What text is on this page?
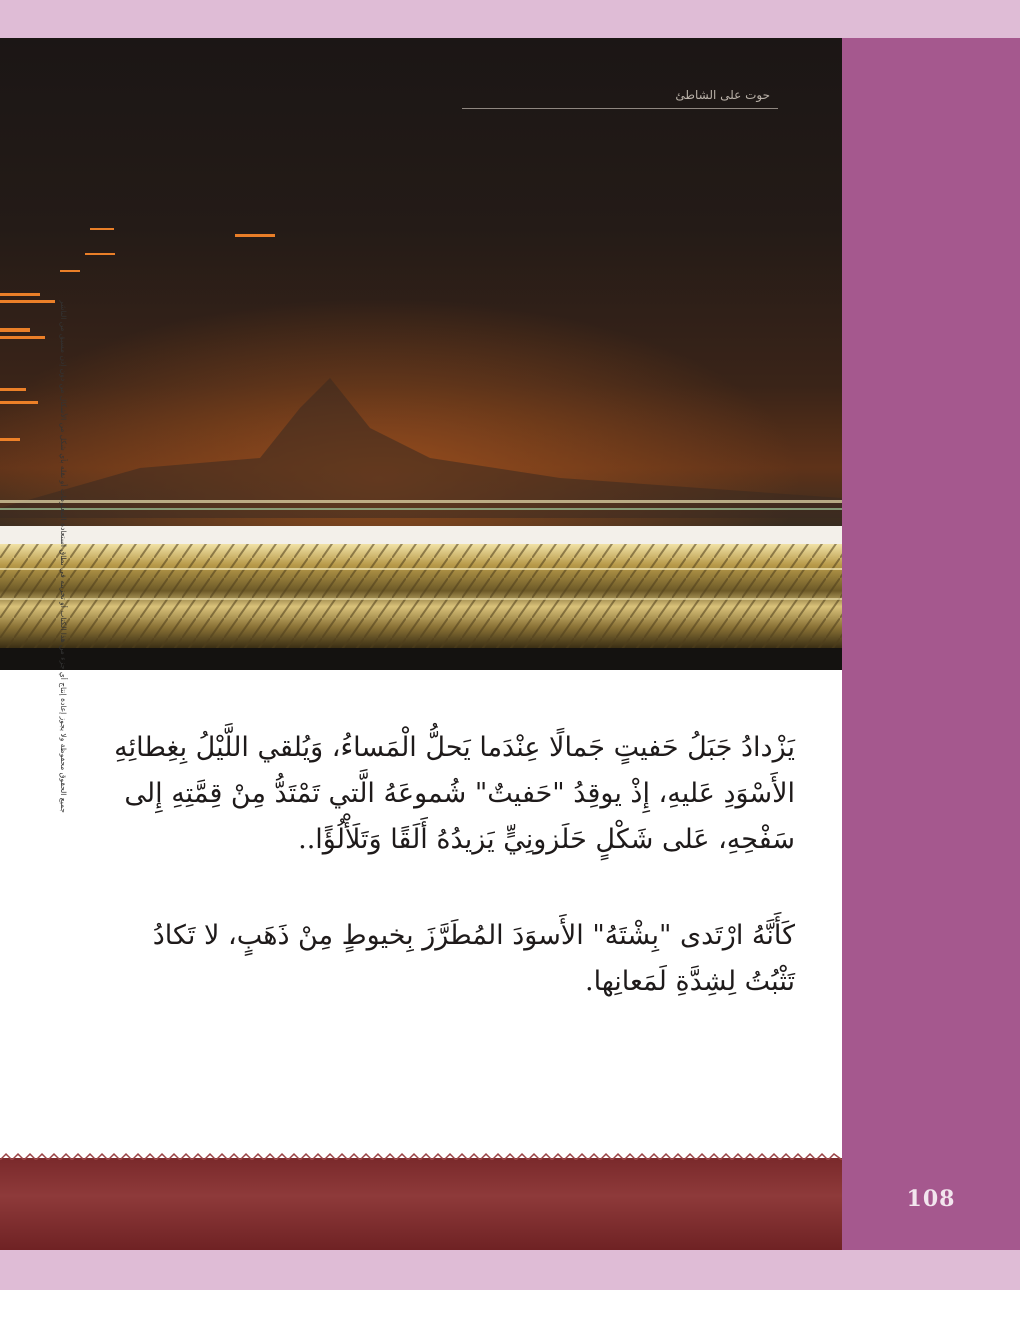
108
حوت على الشاطئ
جميع الحقوق محفوظة ولا يجوز إعادة إنتاج أي جزء من هذا الكتاب أو تخزينه في نطاق استعادة المعلومات أو نقله بأي شكل من الأشكال من دون إذن مسبق من الناشر	يَزْدادُ جَبَلُ حَفيتٍ جَمالًا عِنْدَما يَحلُّ الْمَساءُ، وَيُلقي اللَّيْلُ بِغِطائِهِ الأَسْوَدِ عَليهِ، إِذْ يوقِدُ "حَفيتٌ" شُموعَهُ الَّتي تَمْتَدُّ مِنْ قِمَّتِهِ إِلى سَفْحِهِ، عَلى شَكْلٍ حَلَزونِيٍّ يَزيدُهُ أَلَقًا وَتَلَأْلُؤًا..

كَأَنَّهُ ارْتَدى "بِشْتَهُ" الأَسوَدَ المُطَرَّزَ بِخيوطٍ مِنْ ذَهَبٍ، لا تَكادُ تَثْبُتُ لِشِدَّةِ لَمَعانِها.
